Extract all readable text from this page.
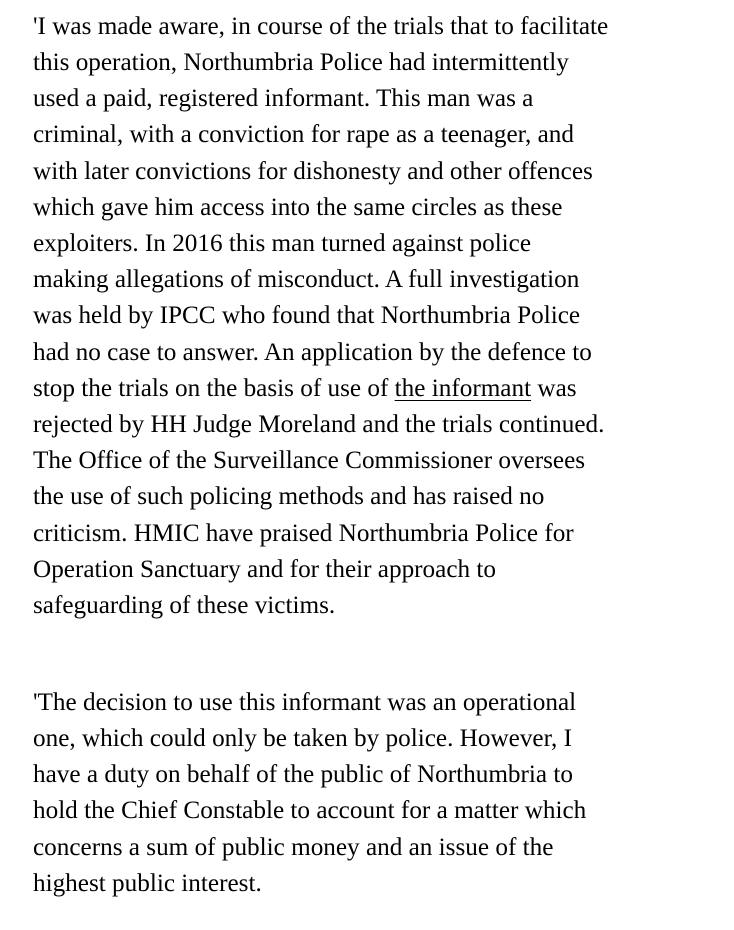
'I was made aware, in course of the trials that to facilitate
this operation, Northumbria Police had intermittently
used a paid, registered informant. This man was a
criminal, with a conviction for rape as a teenager, and
with later convictions for dishonesty and other offences
which gave him access into the same circles as these
exploiters. In 2016 this man turned against police
making allegations of misconduct. A full investigation
was held by IPCC who found that Northumbria Police
had no case to answer. An application by the defence to
stop the trials on the basis of use of the informant was
rejected by HH Judge Moreland and the trials continued.
The Office of the Surveillance Commissioner oversees
the use of such policing methods and has raised no
criticism. HMIC have praised Northumbria Police for
Operation Sanctuary and for their approach to
safeguarding of these victims.
'The decision to use this informant was an operational
one, which could only be taken by police. However, I
have a duty on behalf of the public of Northumbria to
hold the Chief Constable to account for a matter which
concerns a sum of public money and an issue of the
highest public interest.
